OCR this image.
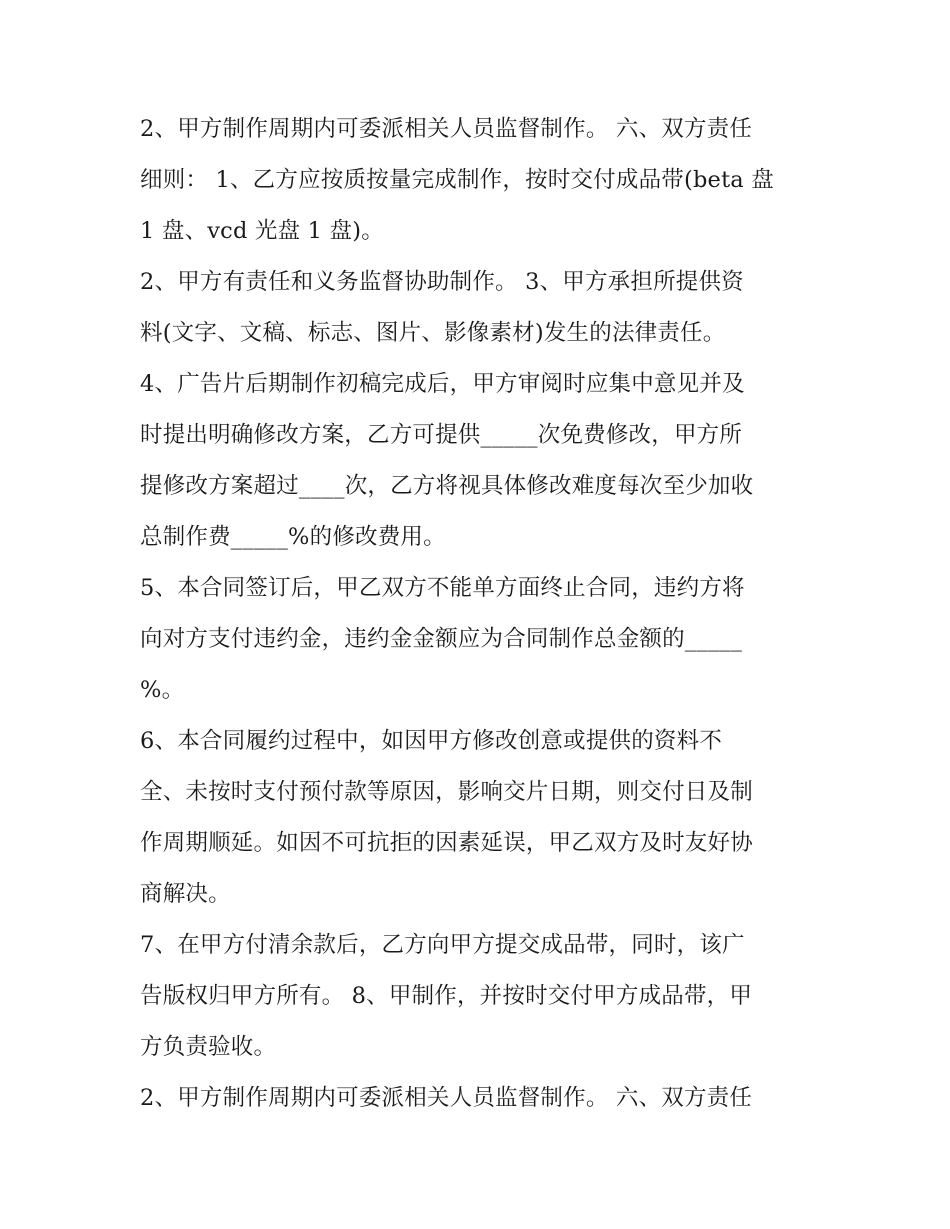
2、甲方制作周期内可委派相关人员监督制作。 六、双方责任
细则： 1、乙方应按质按量完成制作，按时交付成品带(beta 盘
1 盘、vcd 光盘 1 盘)。
2、甲方有责任和义务监督协助制作。 3、甲方承担所提供资
料(文字、文稿、标志、图片、影像素材)发生的法律责任。
4、广告片后期制作初稿完成后，甲方审阅时应集中意见并及
时提出明确修改方案，乙方可提供_____次免费修改，甲方所
提修改方案超过____次，乙方将视具体修改难度每次至少加收
总制作费_____%的修改费用。
5、本合同签订后，甲乙双方不能单方面终止合同，违约方将
向对方支付违约金，违约金金额应为合同制作总金额的_____
%。
6、本合同履约过程中，如因甲方修改创意或提供的资料不
全、未按时支付预付款等原因，影响交片日期，则交付日及制
作周期顺延。如因不可抗拒的因素延误，甲乙双方及时友好协
商解决。
7、在甲方付清余款后，乙方向甲方提交成品带，同时，该广
告版权归甲方所有。 8、甲制作，并按时交付甲方成品带，甲
方负责验收。
2、甲方制作周期内可委派相关人员监督制作。 六、双方责任
